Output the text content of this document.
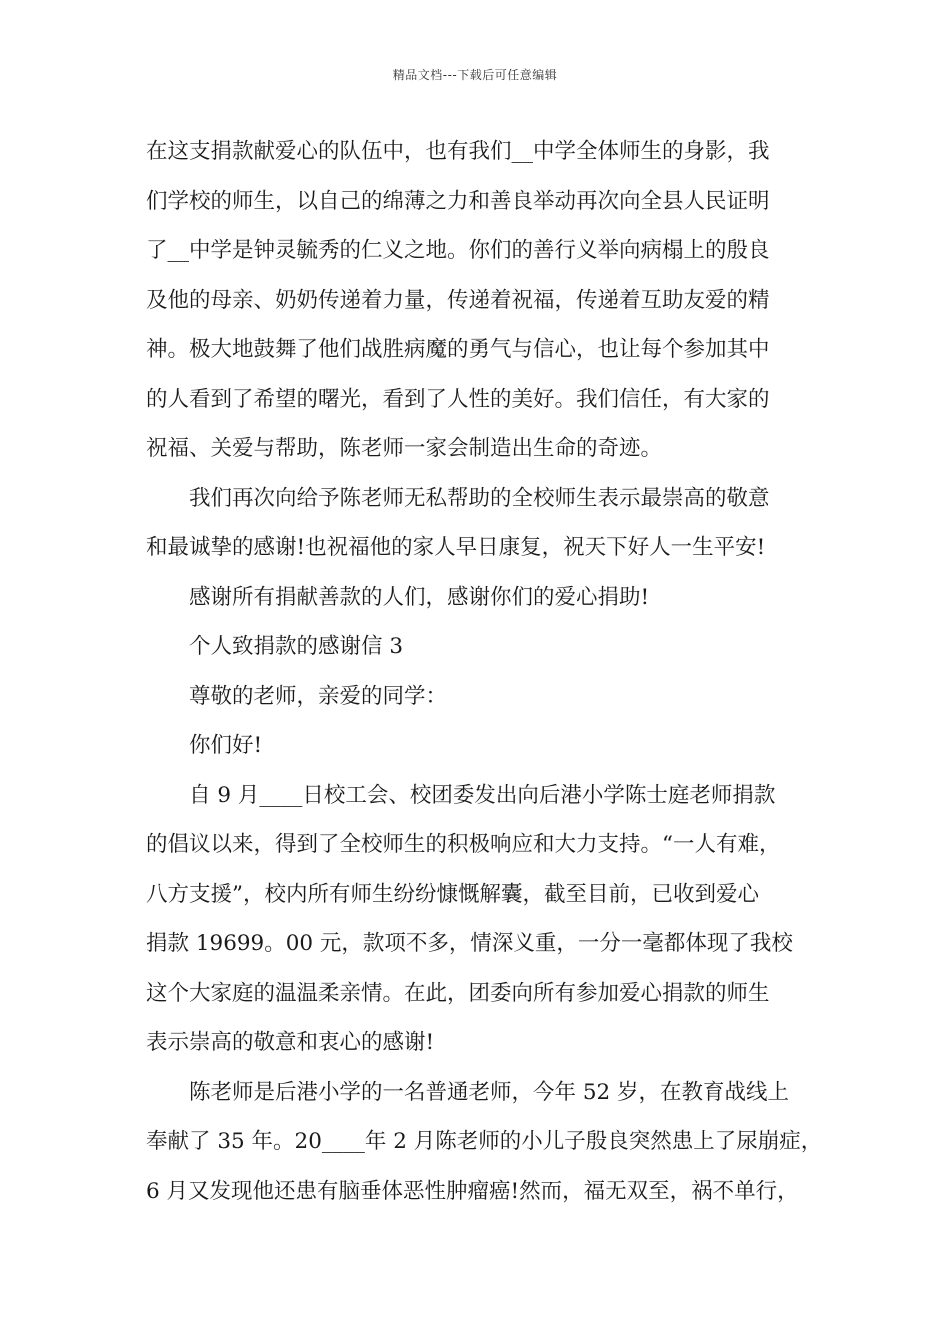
精品文档---下载后可任意编辑

在这支捐款献爱心的队伍中，也有我们__中学全体师生的身影，我

们学校的师生，以自己的绵薄之力和善良举动再次向全县人民证明

了__中学是钟灵毓秀的仁义之地。你们的善行义举向病榻上的殷良

及他的母亲、奶奶传递着力量，传递着祝福，传递着互助友爱的精

神。极大地鼓舞了他们战胜病魔的勇气与信心，也让每个参加其中

的人看到了希望的曙光，看到了人性的美好。我们信任，有大家的

祝福、关爱与帮助，陈老师一家会制造出生命的奇迹。

我们再次向给予陈老师无私帮助的全校师生表示最崇高的敬意

和最诚挚的感谢!也祝福他的家人早日康复，祝天下好人一生平安!

感谢所有捐献善款的人们，感谢你们的爱心捐助!

个人致捐款的感谢信 3

尊敬的老师，亲爱的同学：

你们好!

自 9 月____日校工会、校团委发出向后港小学陈士庭老师捐款

的倡议以来，得到了全校师生的积极响应和大力支持。“一人有难，

八方支援”，校内所有师生纷纷慷慨解囊，截至目前，已收到爱心

捐款 19699。00 元，款项不多，情深义重，一分一毫都体现了我校

这个大家庭的温温柔亲情。在此，团委向所有参加爱心捐款的师生

表示崇高的敬意和衷心的感谢!

陈老师是后港小学的一名普通老师，今年 52 岁，在教育战线上

奉献了 35 年。20____年 2 月陈老师的小儿子殷良突然患上了尿崩症，

6 月又发现他还患有脑垂体恶性肿瘤癌!然而，福无双至，祸不单行，
